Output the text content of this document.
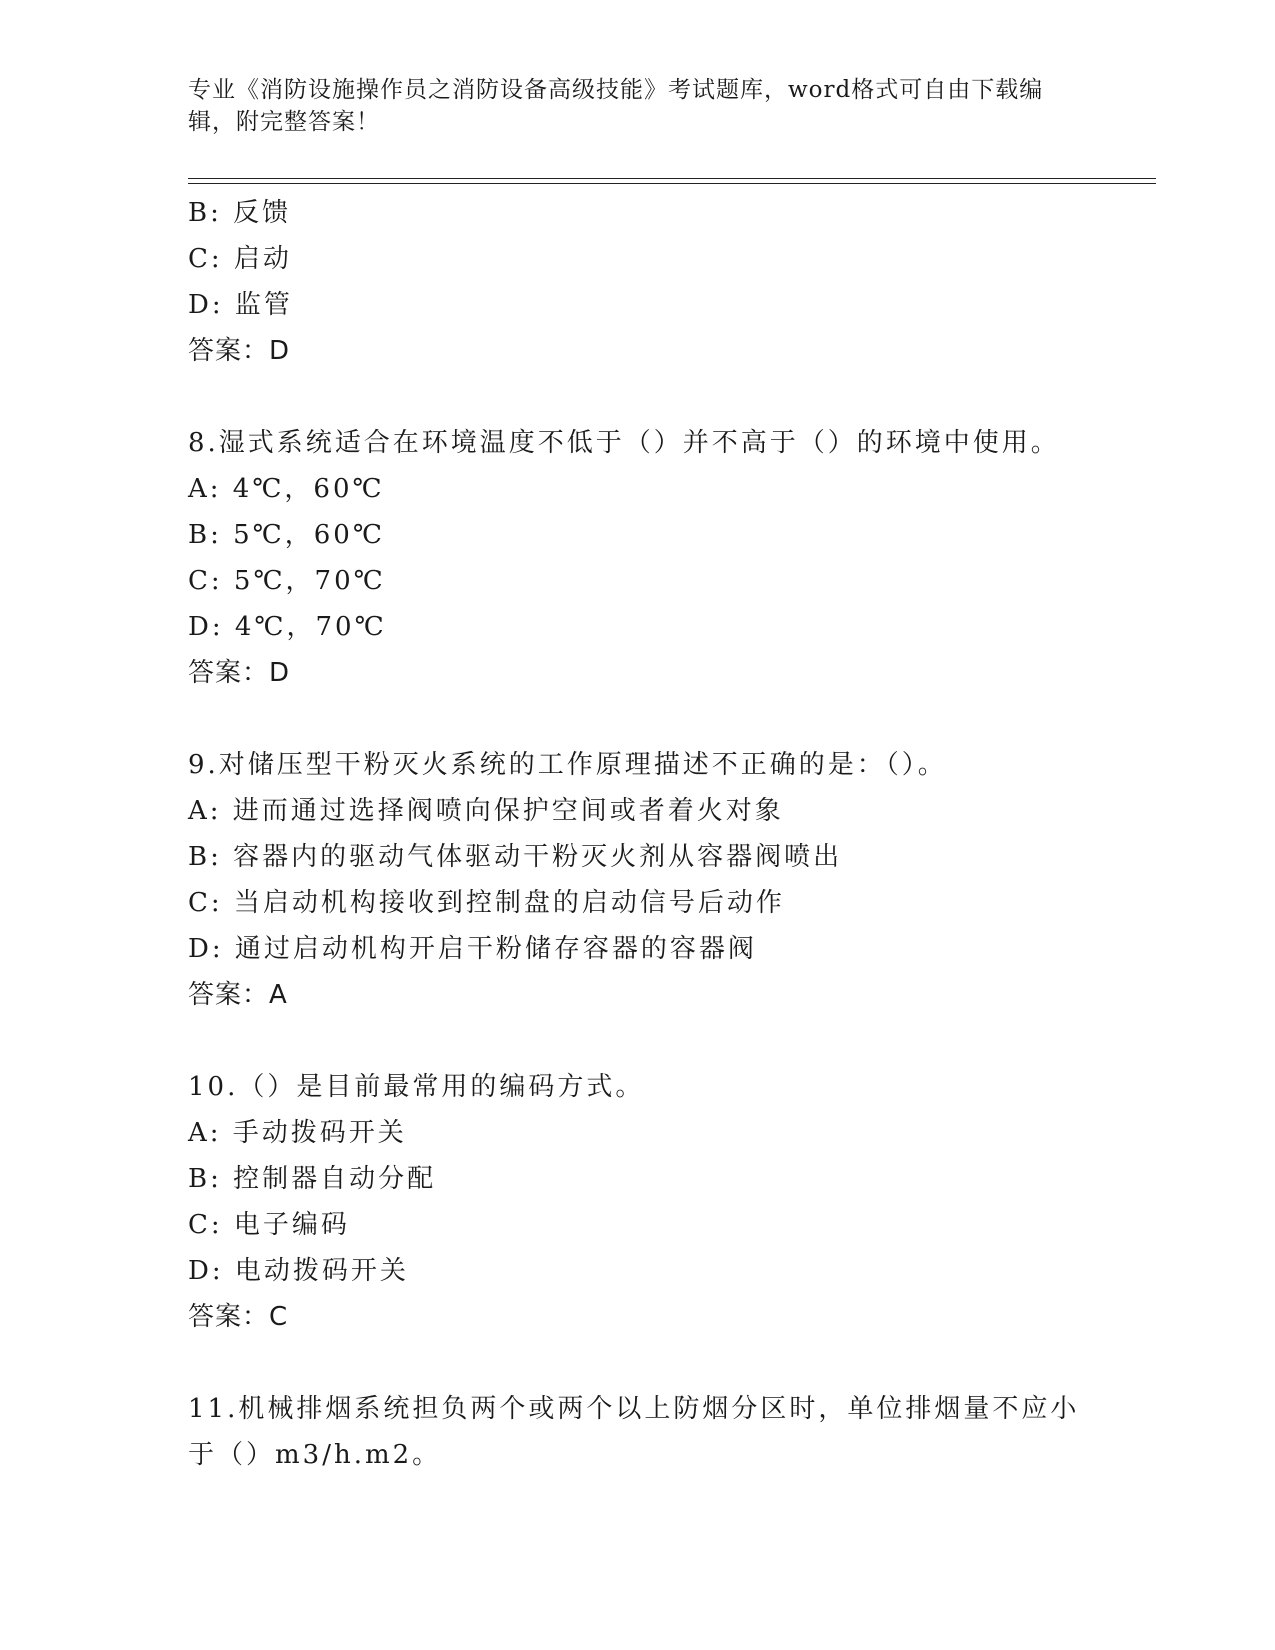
专业《消防设施操作员之消防设备高级技能》考试题库，word格式可自由下载编
辑，附完整答案！
B: 反馈
C: 启动
D: 监管
答案：D
8.湿式系统适合在环境温度不低于（）并不高于（）的环境中使用。
A: 4℃，60℃
B: 5℃，60℃
C: 5℃，70℃
D: 4℃，70℃
答案：D
9.对储压型干粉灭火系统的工作原理描述不正确的是：（）。
A: 进而通过选择阀喷向保护空间或者着火对象
B: 容器内的驱动气体驱动干粉灭火剂从容器阀喷出
C: 当启动机构接收到控制盘的启动信号后动作
D: 通过启动机构开启干粉储存容器的容器阀
答案：A
10.（）是目前最常用的编码方式。
A: 手动拨码开关
B: 控制器自动分配
C: 电子编码
D: 电动拨码开关
答案：C
11.机械排烟系统担负两个或两个以上防烟分区时，单位排烟量不应小
于（）m3/h.m2。
